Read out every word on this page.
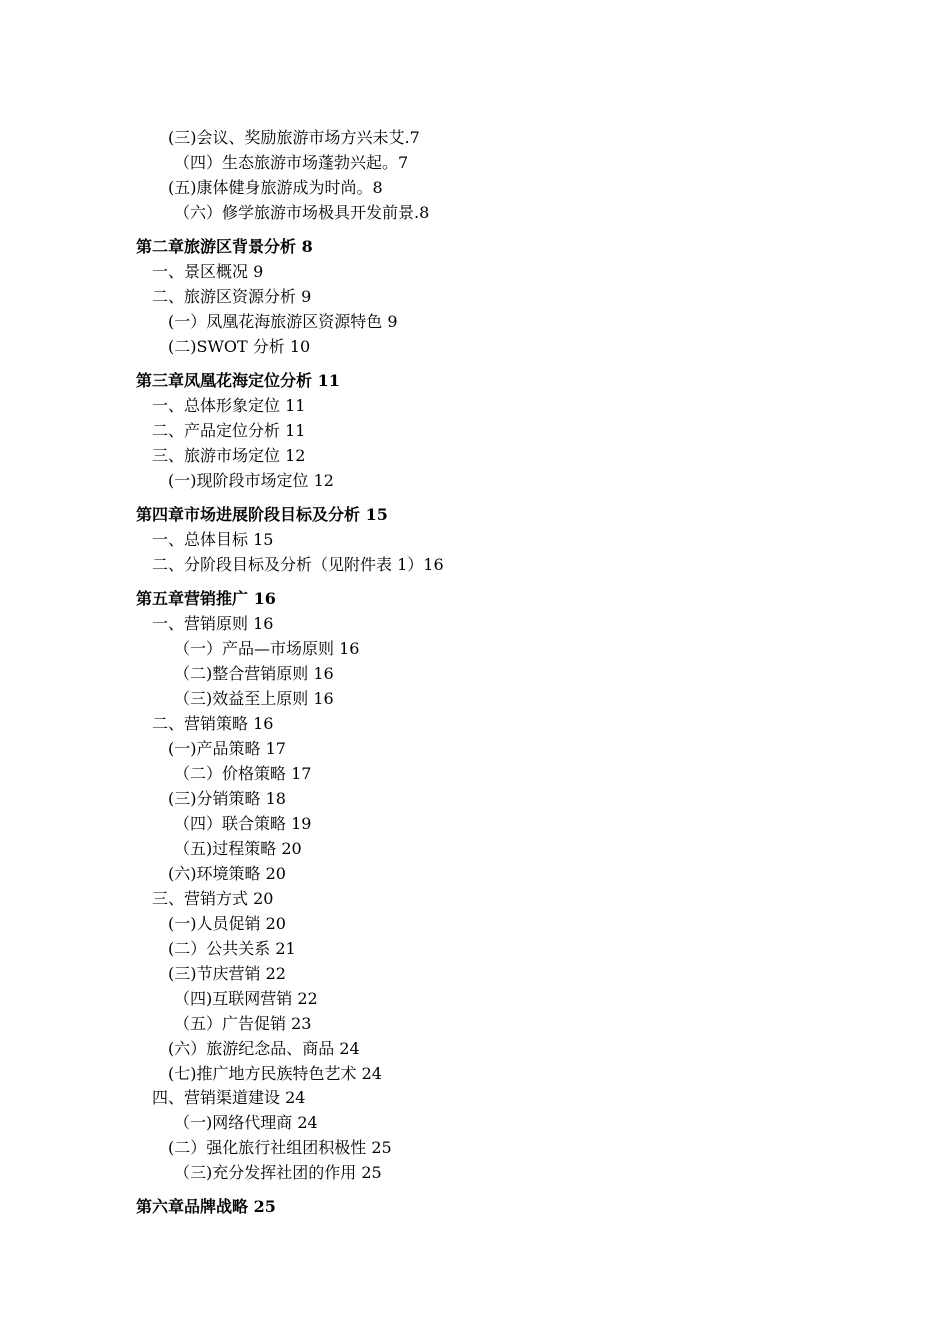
(三)会议、奖励旅游市场方兴未艾.7
（四）生态旅游市场蓬勃兴起。7
(五)康体健身旅游成为时尚。8
（六）修学旅游市场极具开发前景.8
第二章旅游区背景分析 8
一、景区概况 9
二、旅游区资源分析 9
(一）凤凰花海旅游区资源特色 9
(二)SWOT 分析 10
第三章凤凰花海定位分析 11
一、总体形象定位 11
二、产品定位分析 11
三、旅游市场定位 12
(一)现阶段市场定位 12
第四章市场进展阶段目标及分析 15
一、总体目标 15
二、分阶段目标及分析（见附件表 1）16
第五章营销推广 16
一、营销原则 16
（一）产品—市场原则 16
（二)整合营销原则 16
（三)效益至上原则 16
二、营销策略 16
(一)产品策略 17
（二）价格策略 17
(三)分销策略 18
（四）联合策略 19
（五)过程策略 20
(六)环境策略 20
三、营销方式 20
(一)人员促销 20
(二）公共关系 21
(三)节庆营销 22
（四)互联网营销 22
（五）广告促销 23
(六）旅游纪念品、商品 24
(七)推广地方民族特色艺术 24
四、营销渠道建设 24
（一)网络代理商 24
(二）强化旅行社组团积极性 25
（三)充分发挥社团的作用 25
第六章品牌战略 25
